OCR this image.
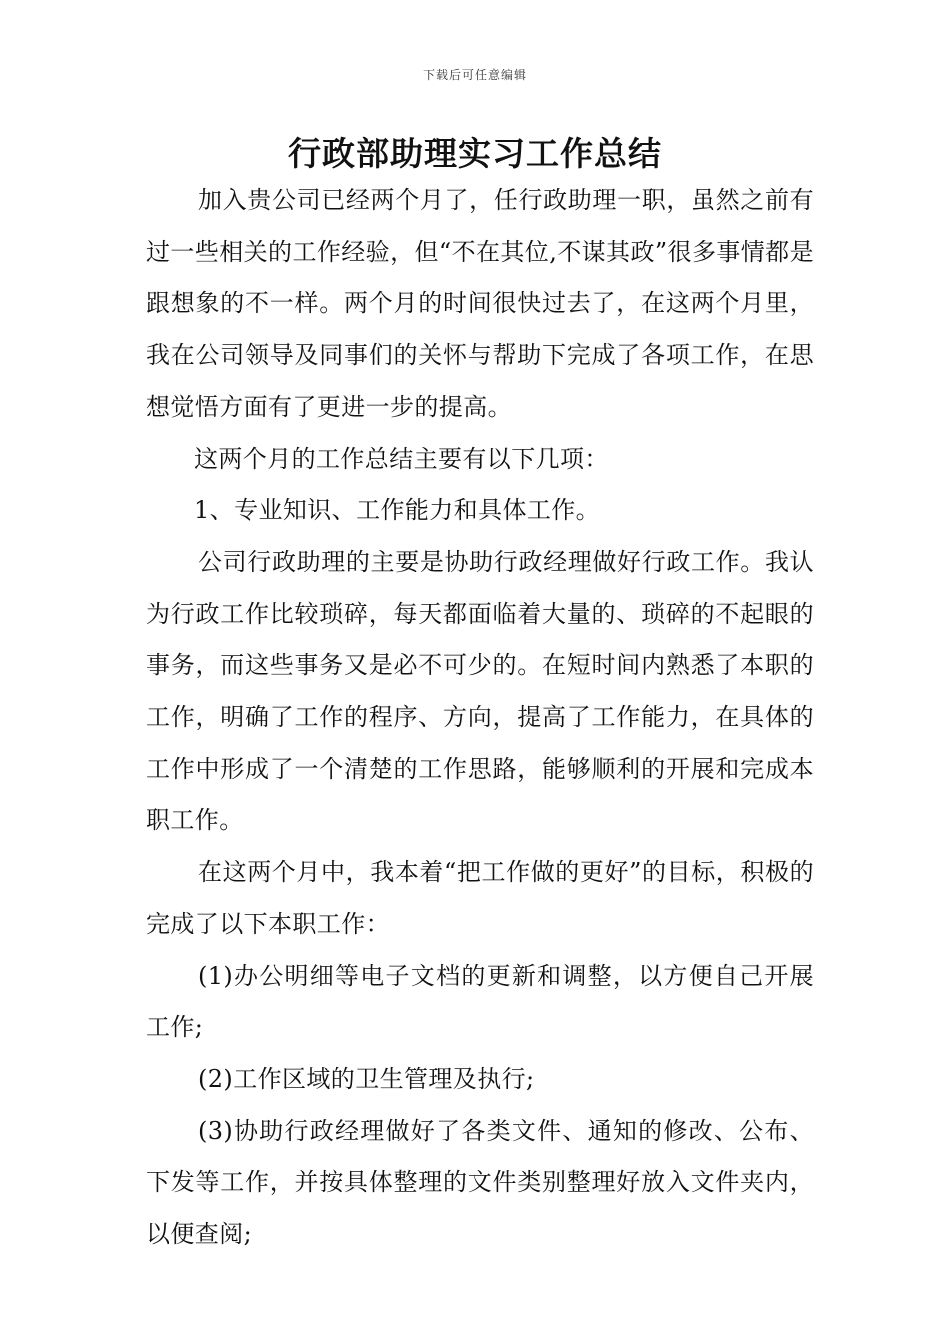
下载后可任意编辑
行政部助理实习工作总结

加入贵公司已经两个月了，任行政助理一职，虽然之前有过一些相关的工作经验，但“不在其位,不谋其政”很多事情都是跟想象的不一样。两个月的时间很快过去了，在这两个月里，我在公司领导及同事们的关怀与帮助下完成了各项工作，在思想觉悟方面有了更进一步的提高。

这两个月的工作总结主要有以下几项：

1、专业知识、工作能力和具体工作。

公司行政助理的主要是协助行政经理做好行政工作。我认为行政工作比较琐碎，每天都面临着大量的、琐碎的不起眼的事务，而这些事务又是必不可少的。在短时间内熟悉了本职的工作，明确了工作的程序、方向，提高了工作能力，在具体的工作中形成了一个清楚的工作思路，能够顺利的开展和完成本职工作。

在这两个月中，我本着“把工作做的更好”的目标，积极的完成了以下本职工作：

(1)办公明细等电子文档的更新和调整，以方便自己开展工作;

(2)工作区域的卫生管理及执行;

(3)协助行政经理做好了各类文件、通知的修改、公布、下发等工作，并按具体整理的文件类别整理好放入文件夹内，以便查阅;
